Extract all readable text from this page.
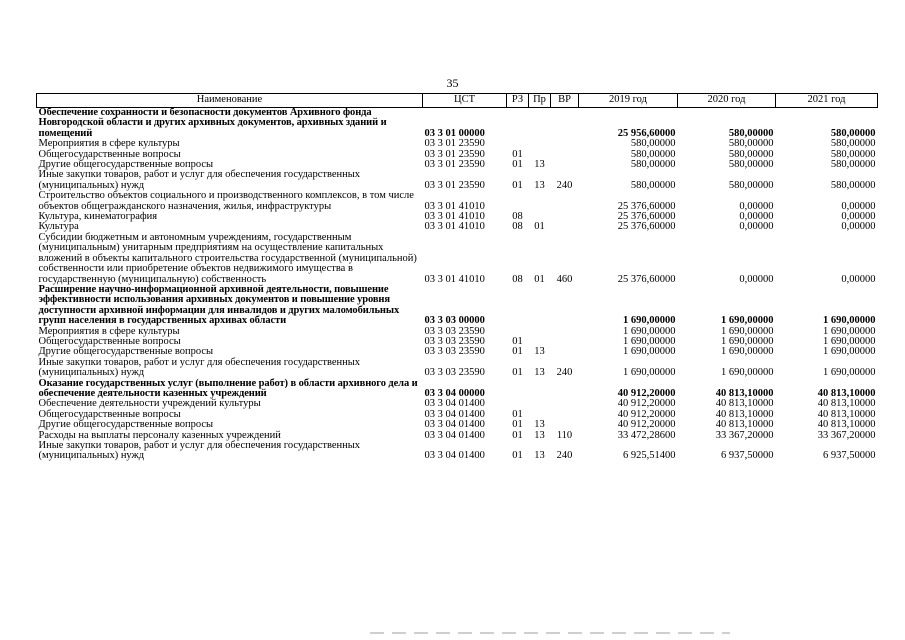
35
Наименование	ЦСТ	РЗ	Пр	ВР	2019 год	2020 год	2021 год
Обеспечение сохранности и безопасности документов Архивного фонда Новгородской области и других архивных документов, архивных зданий и помещений	03 3 01 00000				25 956,60000	580,00000	580,00000
Мероприятия в сфере культуры	03 3 01 23590				580,00000	580,00000	580,00000
Общегосударственные вопросы	03 3 01 23590	01			580,00000	580,00000	580,00000
Другие общегосударственные вопросы	03 3 01 23590	01	13		580,00000	580,00000	580,00000
Иные закупки товаров, работ и услуг для обеспечения государственных (муниципальных) нужд	03 3 01 23590	01	13	240	580,00000	580,00000	580,00000
Строительство объектов социального и производственного комплексов, в том числе объектов общегражданского назначения, жилья, инфраструктуры	03 3 01 41010				25 376,60000	0,00000	0,00000
Культура, кинематография	03 3 01 41010	08			25 376,60000	0,00000	0,00000
Культура	03 3 01 41010	08	01		25 376,60000	0,00000	0,00000
Субсидии бюджетным и автономным учреждениям, государственным (муниципальным) унитарным предприятиям на осуществление капитальных вложений в объекты капитального строительства государственной (муниципальной) собственности или приобретение объектов недвижимого имущества в государственную (муниципальную) собственность	03 3 01 41010	08	01	460	25 376,60000	0,00000	0,00000
Расширение научно-информационной архивной деятельности, повышение эффективности использования архивных документов и повышение уровня доступности архивной информации для инвалидов и других маломобильных групп населения в государственных архивах области	03 3 03 00000				1 690,00000	1 690,00000	1 690,00000
Мероприятия в сфере культуры	03 3 03 23590				1 690,00000	1 690,00000	1 690,00000
Общегосударственные вопросы	03 3 03 23590	01			1 690,00000	1 690,00000	1 690,00000
Другие общегосударственные вопросы	03 3 03 23590	01	13		1 690,00000	1 690,00000	1 690,00000
Иные закупки товаров, работ и услуг для обеспечения государственных (муниципальных) нужд	03 3 03 23590	01	13	240	1 690,00000	1 690,00000	1 690,00000
Оказание государственных услуг (выполнение работ) в области архивного дела и обеспечение деятельности казенных учреждений	03 3 04 00000				40 912,20000	40 813,10000	40 813,10000
Обеспечение деятельности учреждений культуры	03 3 04 01400				40 912,20000	40 813,10000	40 813,10000
Общегосударственные вопросы	03 3 04 01400	01			40 912,20000	40 813,10000	40 813,10000
Другие общегосударственные вопросы	03 3 04 01400	01	13		40 912,20000	40 813,10000	40 813,10000
Расходы на выплаты персоналу казенных учреждений	03 3 04 01400	01	13	110	33 472,28600	33 367,20000	33 367,20000
Иные закупки товаров, работ и услуг для обеспечения государственных (муниципальных) нужд	03 3 04 01400	01	13	240	6 925,51400	6 937,50000	6 937,50000
